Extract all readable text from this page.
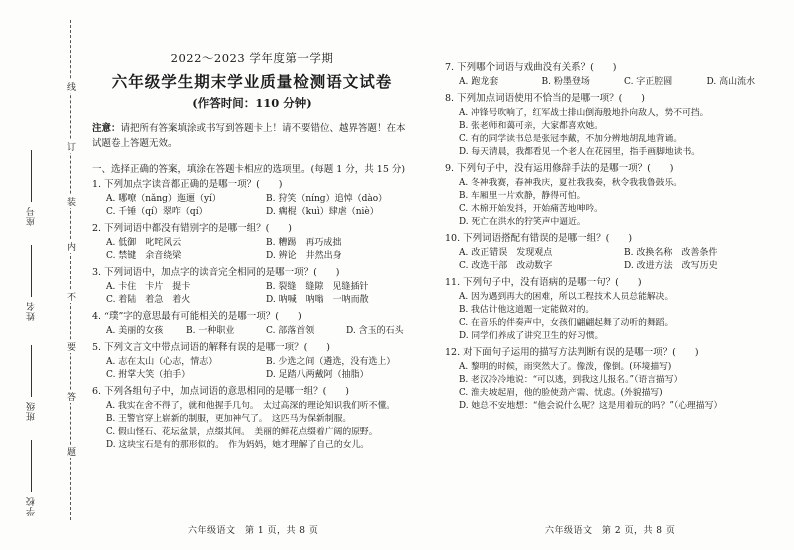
座号
姓名
班级
学校
线
订
装
内
不
要
答
题
2022～2023 学年度第一学期
六年级学生期末学业质量检测语文试卷
(作答时间：110 分钟)
注意：请把所有答案填涂或书写到答题卡上！请不要错位、越界答题！在本试题卷上答题无效。
一、选择正确的答案，填涂在答题卡相应的选项里。(每题 1 分，共 15 分)
1. 下列加点字读音都正确的是哪一项？(　　)
A. 哪嘹（nǎng）迤逦（yí）	B. 狩笑（níng）追悼（dào）
C. 千锤（qí）翠咋（qí）	D. 瘸棍（kuì）肆虐（niè）
2. 下列词语中都没有错别字的是哪一组？(　　)
A. 低御　叱咤风云	B. 糟踢　再巧成拙
C. 禁键　余音绕梁	D. 辨论　井然出身
3. 下列词语中，加点字的读音完全相同的是哪一项？(　　)
A. 卡住　卡片　提卡	B. 裂缝　缝隙　见缝插针
C. 着陆　着急　着火	D. 呐喊　呐嗡　一呐而散
4. “璞”字的意思最有可能相关的是哪一项？(　　)
A. 美丽的女孩	B. 一种职业	C. 部落首领	D. 含玉的石头
5. 下列文言文中带点词语的解释有误的是哪一项？(　　)
A. 志在太山（心志，情志）	B. 少选之间（遴选，没有选上）
C. 拊掌大笑（拍手）	D. 足踏八两戴阿（抽脂）
6. 下列各组句子中，加点词语的意思相同的是哪一组？(　　)
A. 我实在舍不得了，就和他握手几句。　太过高深的理论知识我们听不懂。
B. 王警官穿上崭新的制服，更加神气了。　这匹马为保新制服。
C. 假山怪石、花坛盆景，点缀其间。　美丽的鲜花点缀着广阔的原野。
D. 这块宝石是有的那形似的。　作为妈妈，她才理解了自己的女儿。
7. 下列哪个词语与戏曲没有关系？(　　)
A. 跑龙套	B. 粉墨登场	C. 字正腔圆	D. 高山流水
8. 下列加点词语使用不恰当的是哪一项？(　　)
A. 冲锋号吹响了，红军战士排山倒海般地扑向敌人，势不可挡。
B. 张老师和蔼可亲，大家都喜欢她。
C. 有的同学读书总是张冠李戴，不加分辨地胡乱地背诵。
D. 每天清晨，我都看见一个老人在花园里，指手画脚地读书。
9. 下列句子中，没有运用修辞手法的是哪一项？(　　)
A. 冬神我赛，春神我庆，夏社我我奏，秋令我我鲁鼓乐。
B. 车厢里一片欢静，静得可怕。
C. 木棉开始发抖，开始痛苦地呻吟。
D. 死亡在洪水的狞笑声中逼近。
10. 下列词语搭配有错误的是哪一组？(　　)
A. 改正错误　发现观点	B. 改换名称　改善条件
C. 改选干部　改动数字	D. 改进方法　改写历史
11. 下列句子中，没有语病的是哪一句？(　　)
A. 因为遇到再大的困难，所以工程技术人员总能解决。
B. 我估计他这道题一定能做对的。
C. 在音乐的伴奏声中，女孩们翩翩起舞了动听的舞蹈。
D. 同学们养成了讲究卫生的好习惯。
12. 对下面句子运用的描写方法判断有误的是哪一项？(　　)
A. 黎明的时候，雨突然大了。像泼，像倒。(环境描写)
B. 老汉冷冷地说：“可以逃，到我这儿报名。”（语言描写）
C. 淮夫坡起眉，他的脸使劲产需、忧虑。(外貌描写)
D. 她总不安地想：“他会说什么呢？这是用着玩的吗？”（心理描写）
六年级语文　第 1 页，共 8 页	六年级语文　第 2 页，共 8 页
